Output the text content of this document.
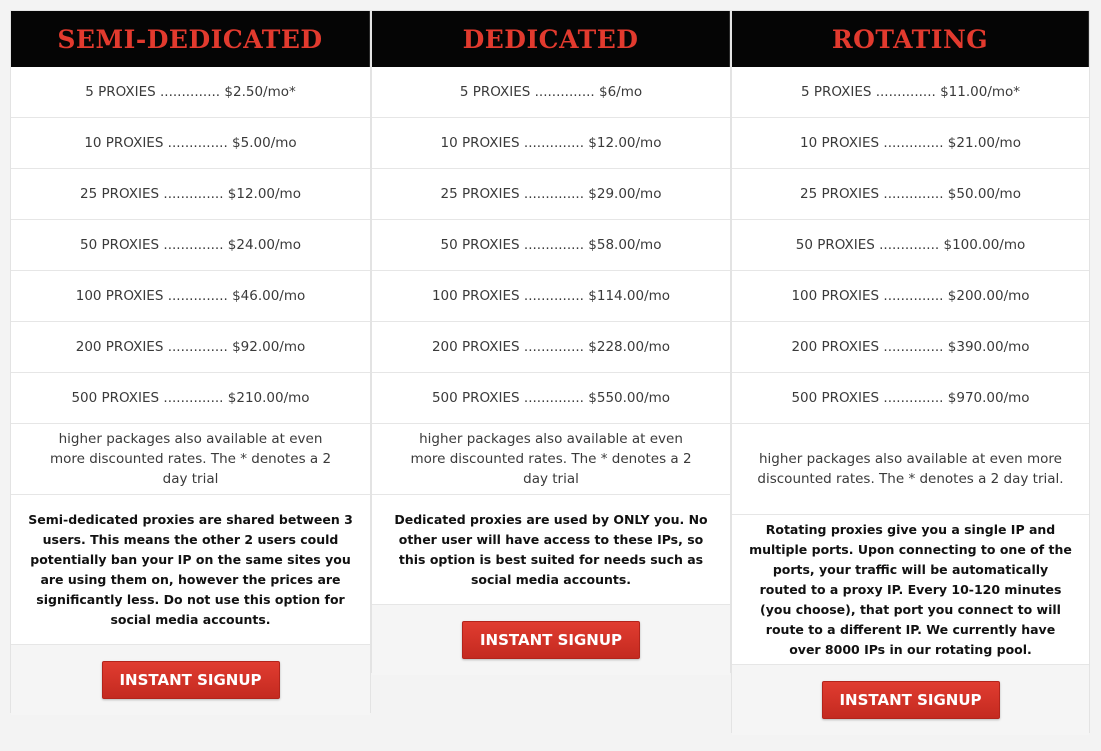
SEMI-DEDICATED
5 PROXIES .............. $2.50/mo*
10 PROXIES .............. $5.00/mo
25 PROXIES .............. $12.00/mo
50 PROXIES .............. $24.00/mo
100 PROXIES .............. $46.00/mo
200 PROXIES .............. $92.00/mo
500 PROXIES .............. $210.00/mo
higher packages also available at even more discounted rates. The * denotes a 2 day trial
Semi-dedicated proxies are shared between 3 users. This means the other 2 users could potentially ban your IP on the same sites you are using them on, however the prices are significantly less. Do not use this option for social media accounts.
INSTANT SIGNUP
DEDICATED
5 PROXIES .............. $6/mo
10 PROXIES .............. $12.00/mo
25 PROXIES .............. $29.00/mo
50 PROXIES .............. $58.00/mo
100 PROXIES .............. $114.00/mo
200 PROXIES .............. $228.00/mo
500 PROXIES .............. $550.00/mo
higher packages also available at even more discounted rates. The * denotes a 2 day trial
Dedicated proxies are used by ONLY you. No other user will have access to these IPs, so this option is best suited for needs such as social media accounts.
INSTANT SIGNUP
ROTATING
5 PROXIES .............. $11.00/mo*
10 PROXIES .............. $21.00/mo
25 PROXIES .............. $50.00/mo
50 PROXIES .............. $100.00/mo
100 PROXIES .............. $200.00/mo
200 PROXIES .............. $390.00/mo
500 PROXIES .............. $970.00/mo
higher packages also available at even more discounted rates. The * denotes a 2 day trial.
Rotating proxies give you a single IP and multiple ports. Upon connecting to one of the ports, your traffic will be automatically routed to a proxy IP. Every 10-120 minutes (you choose), that port you connect to will route to a different IP. We currently have over 8000 IPs in our rotating pool.
INSTANT SIGNUP
